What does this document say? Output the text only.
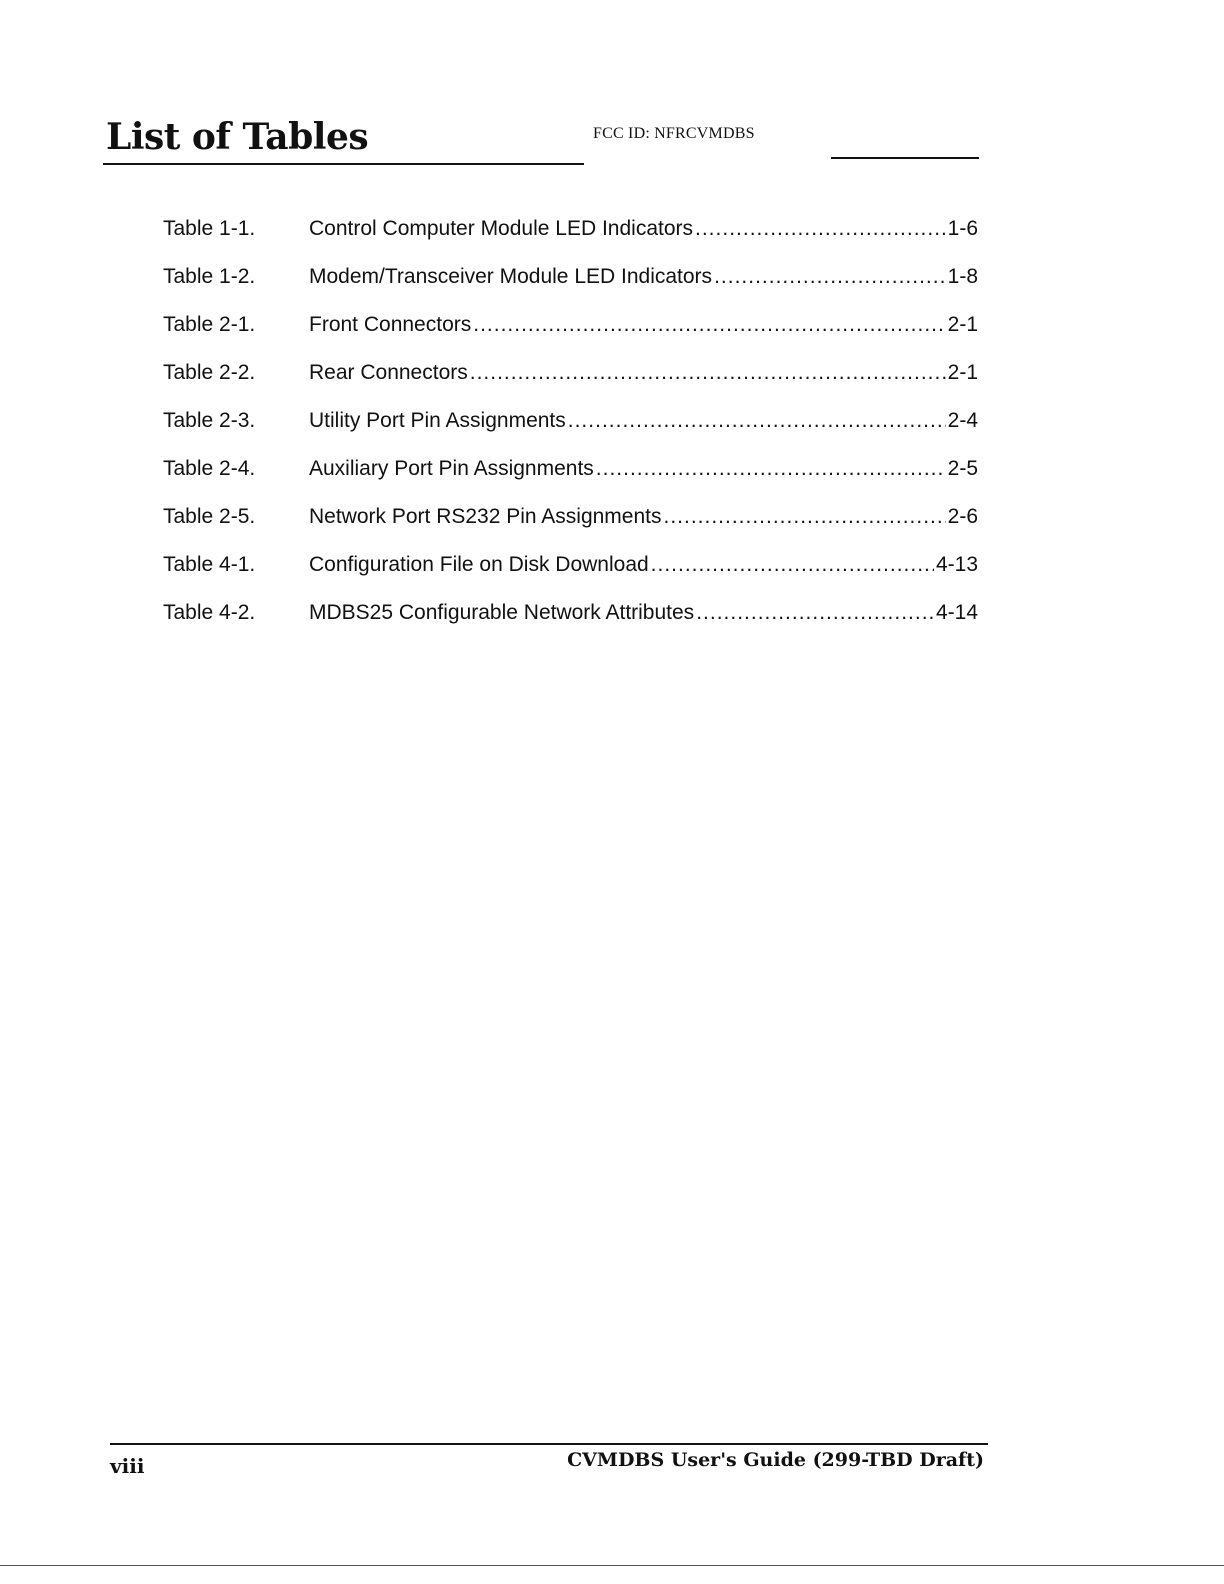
List of Tables	FCC ID: NFRCVMDBS
Table 1-1.	Control Computer Module LED Indicators .....	1-6
Table 1-2.	Modem/Transceiver Module LED Indicators .....	1-8
Table 2-1.	Front Connectors .....	2-1
Table 2-2.	Rear Connectors .....	2-1
Table 2-3.	Utility Port Pin Assignments .....	2-4
Table 2-4.	Auxiliary Port Pin Assignments .....	2-5
Table 2-5.	Network Port RS232 Pin Assignments .....	2-6
Table 4-1.	Configuration File on Disk Download .....	4-13
Table 4-2.	MDBS25 Configurable Network Attributes .....	4-14
viii	CVMDBS User's Guide (299-TBD Draft)
